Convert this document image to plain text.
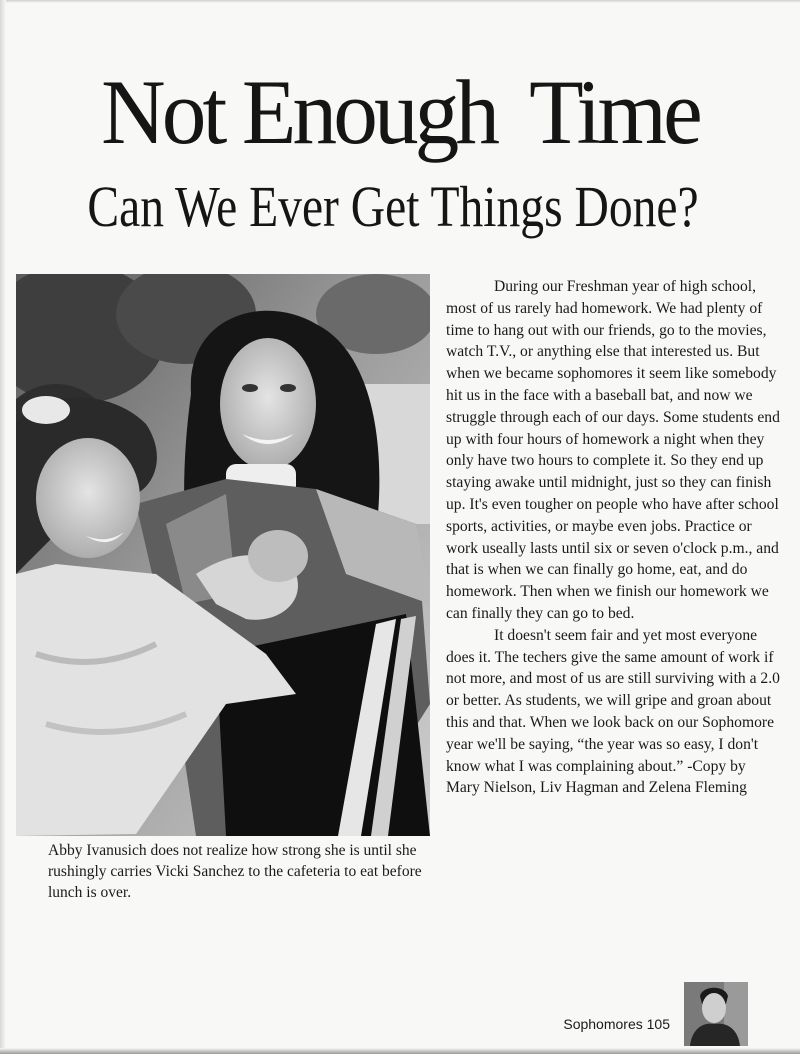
Not Enough Time
Can We Ever Get Things Done?

Abby Ivanusich does not realize how strong she is until she rushingly carries Vicki Sanchez to the cafeteria to eat before lunch is over.

During our Freshman year of high school, most of us rarely had homework. We had plenty of time to hang out with our friends, go to the movies, watch T.V., or anything else that interested us. But when we became sophomores it seem like somebody hit us in the face with a baseball bat, and now we struggle through each of our days. Some students end up with four hours of homework a night when they only have two hours to complete it. So they end up staying awake until midnight, just so they can finish up. It's even tougher on people who have after school sports, activities, or maybe even jobs. Practice or work useally lasts until six or seven o'clock p.m., and that is when we can finally go home, eat, and do homework. Then when we finish our homework we can finally they can go to bed.

It doesn't seem fair and yet most everyone does it. The techers give the same amount of work if not more, and most of us are still surviving with a 2.0 or better. As students, we will gripe and groan about this and that. When we look back on our Sophomore year we'll be saying, “the year was so easy, I don't know what I was complaining about.” -Copy by Mary Nielson, Liv Hagman and Zelena Fleming

Sophomores 105
